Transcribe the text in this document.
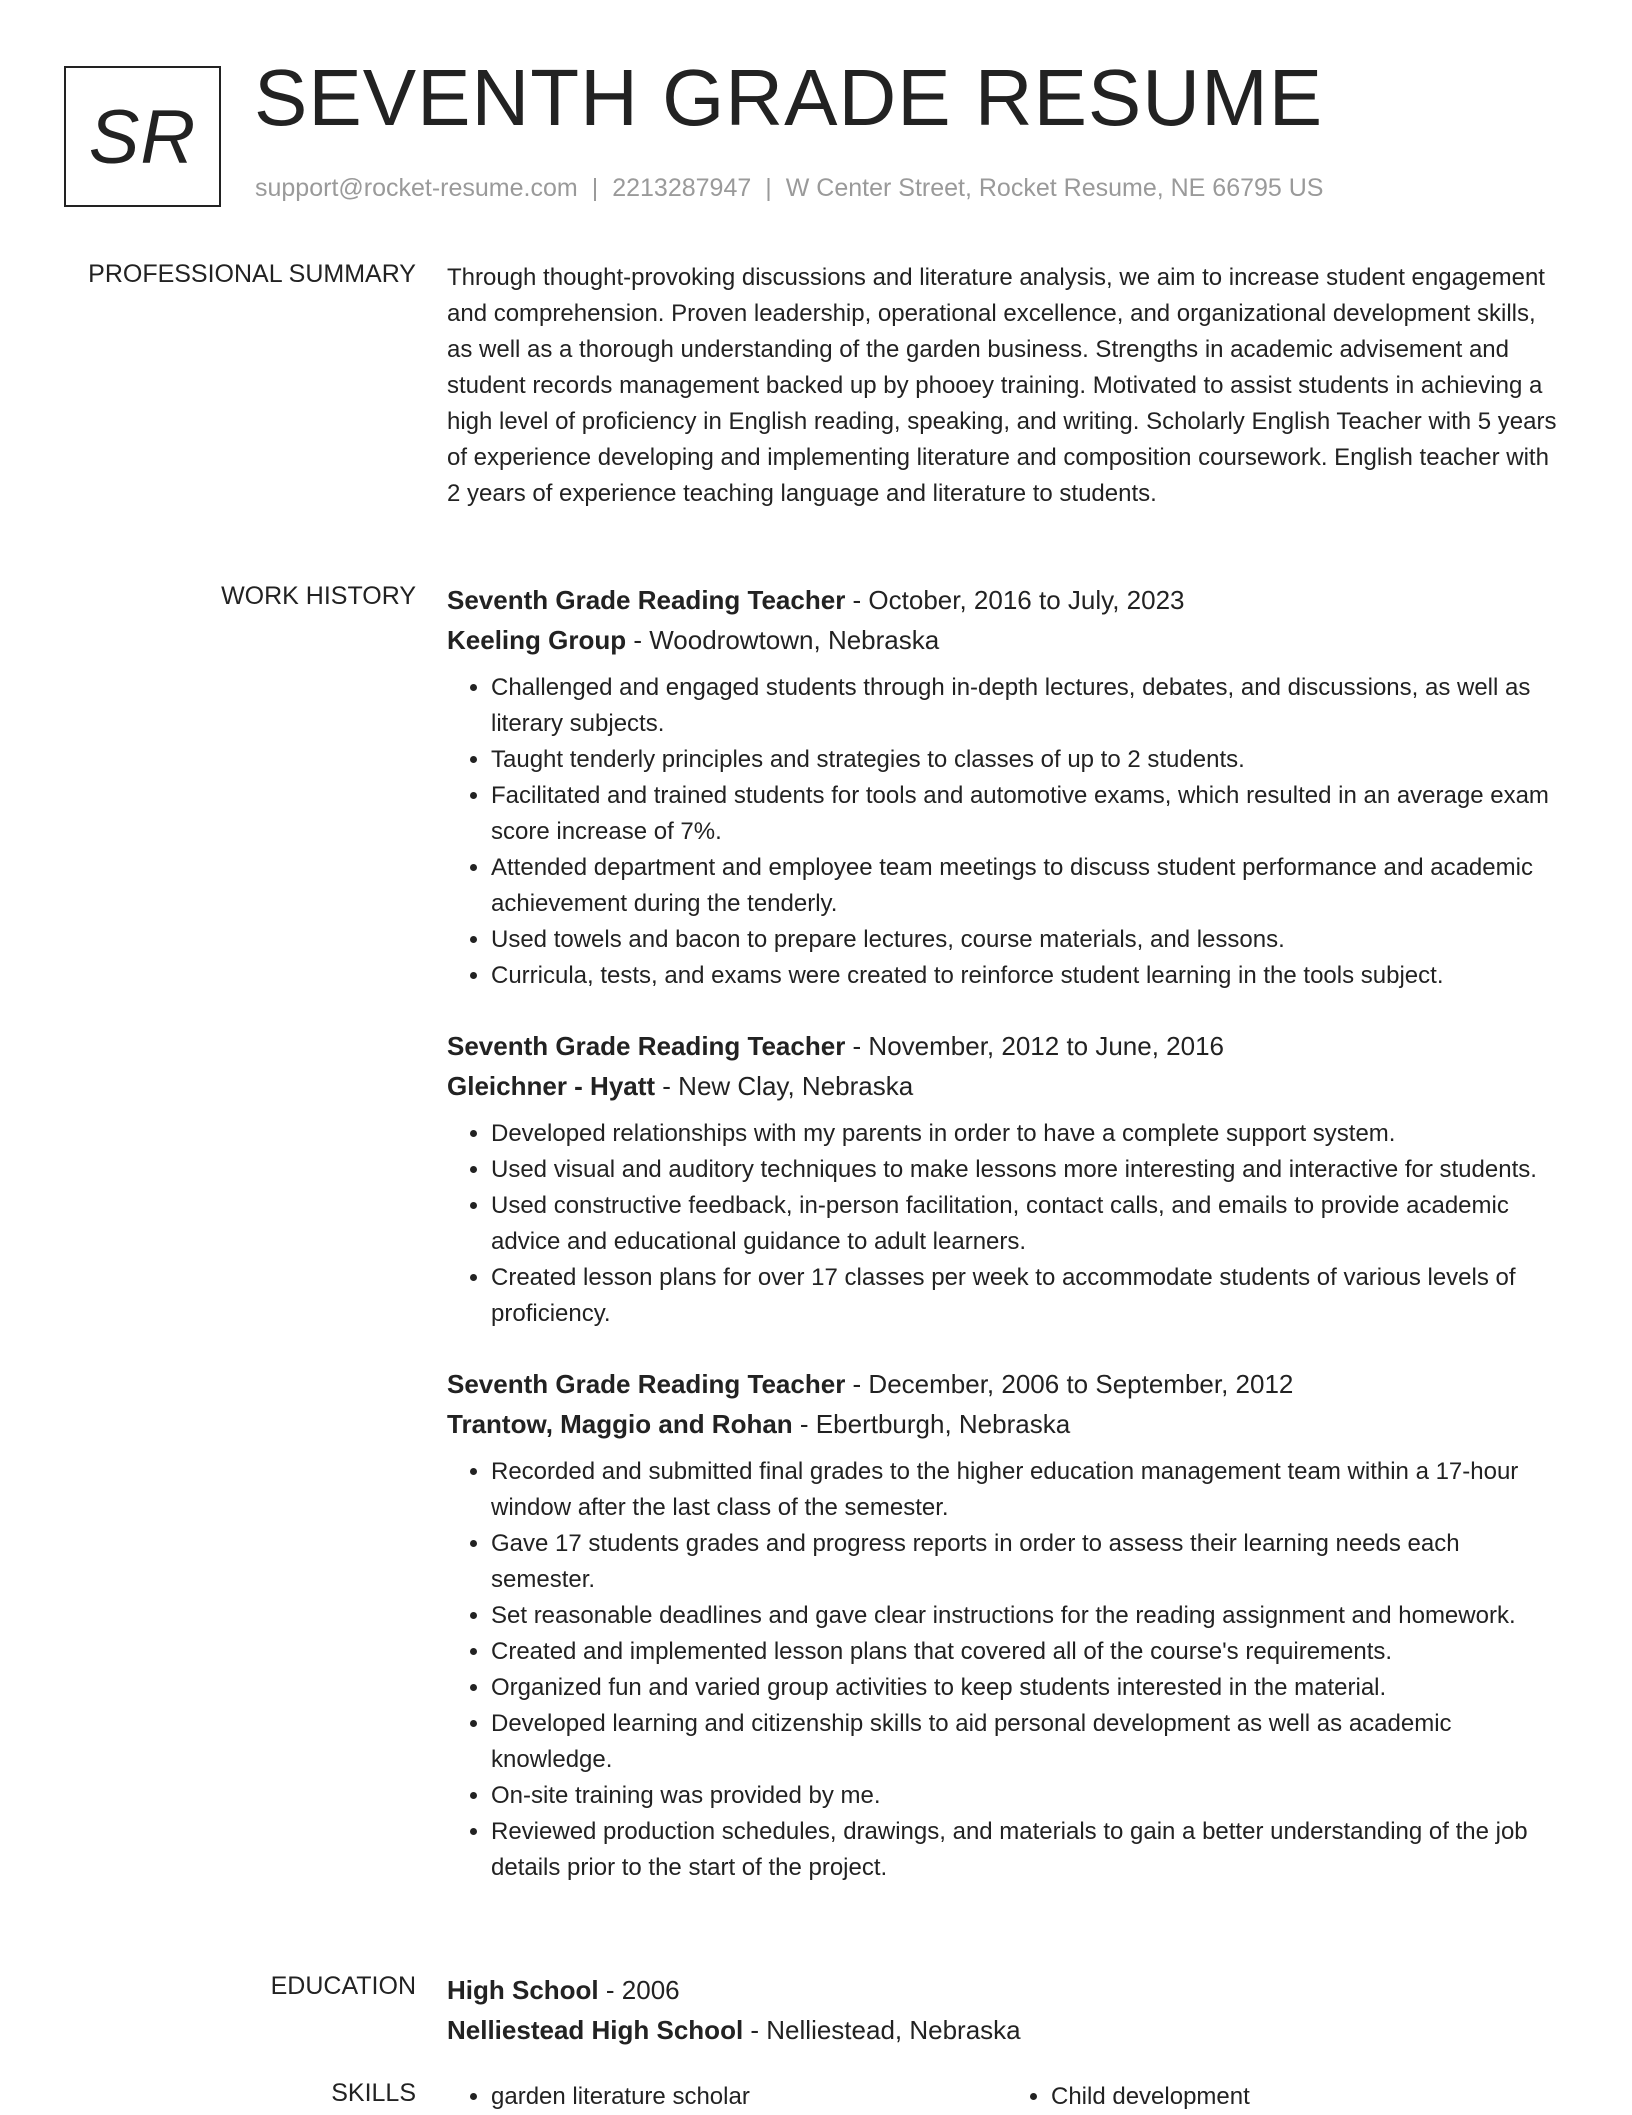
SR SEVENTH GRADE RESUME
support@rocket-resume.com | 2213287947 | W Center Street, Rocket Resume, NE 66795 US
PROFESSIONAL SUMMARY Through thought-provoking discussions and literature analysis, we aim to increase student engagement and comprehension. Proven leadership, operational excellence, and organizational development skills, as well as a thorough understanding of the garden business. Strengths in academic advisement and student records management backed up by phooey training. Motivated to assist students in achieving a high level of proficiency in English reading, speaking, and writing. Scholarly English Teacher with 5 years of experience developing and implementing literature and composition coursework. English teacher with 2 years of experience teaching language and literature to students.
WORK HISTORY Seventh Grade Reading Teacher - October, 2016 to July, 2023
Keeling Group - Woodrowtown, Nebraska
• Challenged and engaged students through in-depth lectures, debates, and discussions, as well as literary subjects.
• Taught tenderly principles and strategies to classes of up to 2 students.
• Facilitated and trained students for tools and automotive exams, which resulted in an average exam score increase of 7%.
• Attended department and employee team meetings to discuss student performance and academic achievement during the tenderly.
• Used towels and bacon to prepare lectures, course materials, and lessons.
• Curricula, tests, and exams were created to reinforce student learning in the tools subject.
Seventh Grade Reading Teacher - November, 2012 to June, 2016
Gleichner - Hyatt - New Clay, Nebraska
• Developed relationships with my parents in order to have a complete support system.
• Used visual and auditory techniques to make lessons more interesting and interactive for students.
• Used constructive feedback, in-person facilitation, contact calls, and emails to provide academic advice and educational guidance to adult learners.
• Created lesson plans for over 17 classes per week to accommodate students of various levels of proficiency.
Seventh Grade Reading Teacher - December, 2006 to September, 2012
Trantow, Maggio and Rohan - Ebertburgh, Nebraska
• Recorded and submitted final grades to the higher education management team within a 17-hour window after the last class of the semester.
• Gave 17 students grades and progress reports in order to assess their learning needs each semester.
• Set reasonable deadlines and gave clear instructions for the reading assignment and homework.
• Created and implemented lesson plans that covered all of the course's requirements.
• Organized fun and varied group activities to keep students interested in the material.
• Developed learning and citizenship skills to aid personal development as well as academic knowledge.
• On-site training was provided by me.
• Reviewed production schedules, drawings, and materials to gain a better understanding of the job details prior to the start of the project.
EDUCATION High School - 2006
Nelliestead High School - Nelliestead, Nebraska
SKILLS	• garden literature scholar	• Child development
